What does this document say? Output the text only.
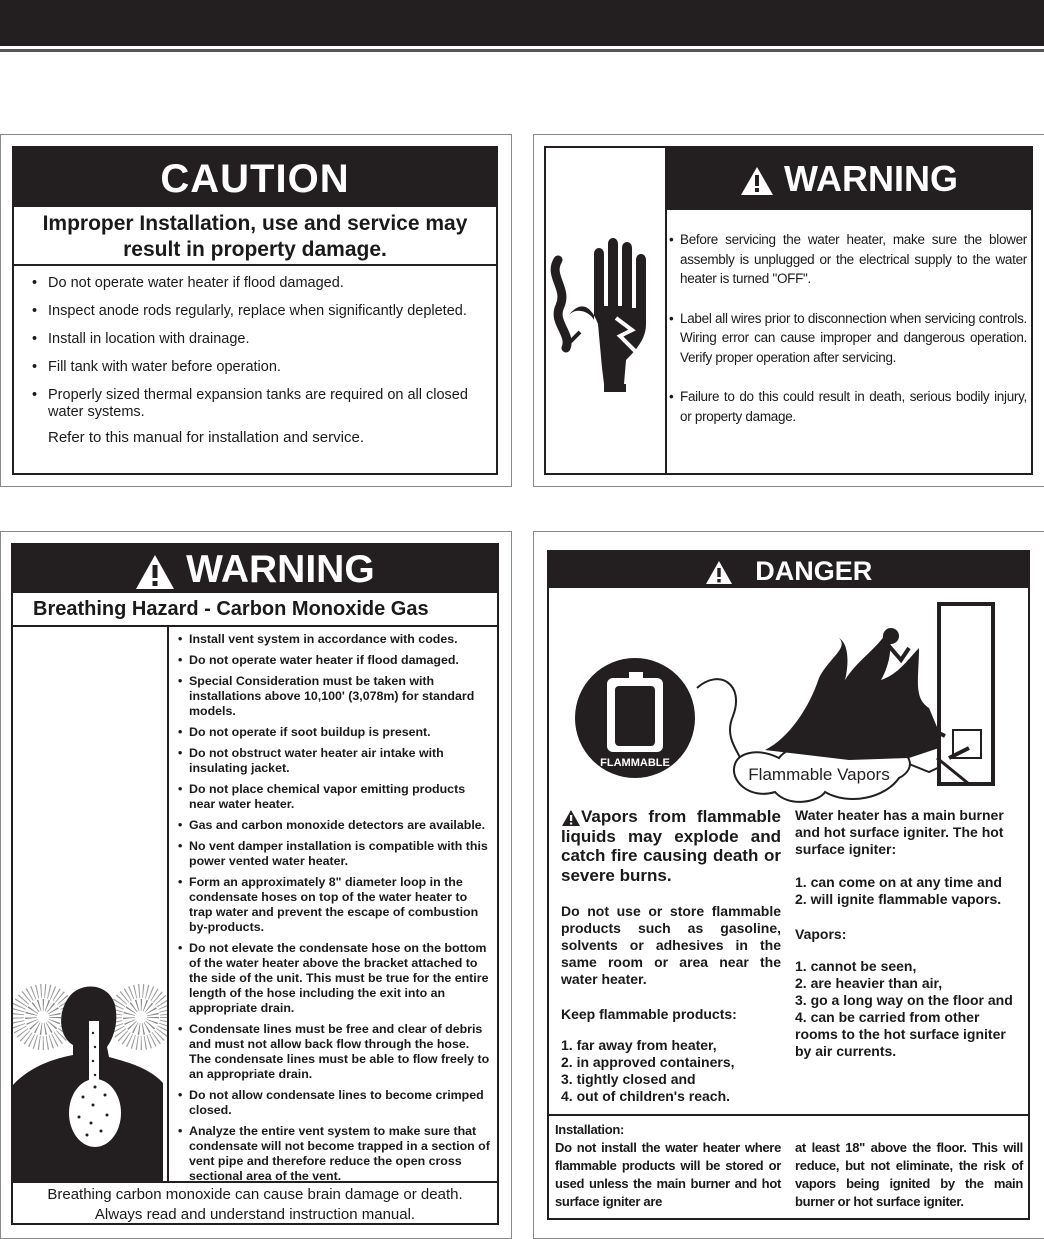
CAUTION
Improper Installation, use and service may result in property damage.
• Do not operate water heater if flood damaged.
• Inspect anode rods regularly, replace when significantly depleted.
• Install in location with drainage.
• Fill tank with water before operation.
• Properly sized thermal expansion tanks are required on all closed water systems.
Refer to this manual for installation and service.
WARNING
• Before servicing the water heater, make sure the blower assembly is unplugged or the electrical supply to the water heater is turned "OFF".
• Label all wires prior to disconnection when servicing controls. Wiring error can cause improper and dangerous operation. Verify proper operation after servicing.
• Failure to do this could result in death, serious bodily injury, or property damage.
WARNING
Breathing Hazard - Carbon Monoxide Gas
• Install vent system in accordance with codes.
• Do not operate water heater if flood damaged.
• Special Consideration must be taken with installations above 10,100' (3,078m) for standard models.
• Do not operate if soot buildup is present.
• Do not obstruct water heater air intake with insulating jacket.
• Do not place chemical vapor emitting products near water heater.
• Gas and carbon monoxide detectors are available.
• No vent damper installation is compatible with this power vented water heater.
• Form an approximately 8" diameter loop in the condensate hoses on top of the water heater to trap water and prevent the escape of combustion by-products.
• Do not elevate the condensate hose on the bottom of the water heater above the bracket attached to the side of the unit. This must be true for the entire length of the hose including the exit into an appropriate drain.
• Condensate lines must be free and clear of debris and must not allow back flow through the hose. The condensate lines must be able to flow freely to an appropriate drain.
• Do not allow condensate lines to become crimped closed.
• Analyze the entire vent system to make sure that condensate will not become trapped in a section of vent pipe and therefore reduce the open cross sectional area of the vent.
Breathing carbon monoxide can cause brain damage or death.
Always read and understand instruction manual.
DANGER
FLAMMABLE
Flammable Vapors
Vapors from flammable liquids may explode and catch fire causing death or severe burns.
Do not use or store flammable products such as gasoline, solvents or adhesives in the same room or area near the water heater.
Keep flammable products:
1. far away from heater,
2. in approved containers,
3. tightly closed and
4. out of children's reach.
Water heater has a main burner and hot surface igniter. The hot surface igniter:
1. can come on at any time and
2. will ignite flammable vapors.
Vapors:
1. cannot be seen,
2. are heavier than air,
3. go a long way on the floor and
4. can be carried from other rooms to the hot surface igniter by air currents.
Installation:
Do not install the water heater where flammable products will be stored or used unless the main burner and hot surface igniter are
at least 18" above the floor. This will reduce, but not eliminate, the risk of vapors being ignited by the main burner or hot surface igniter.
